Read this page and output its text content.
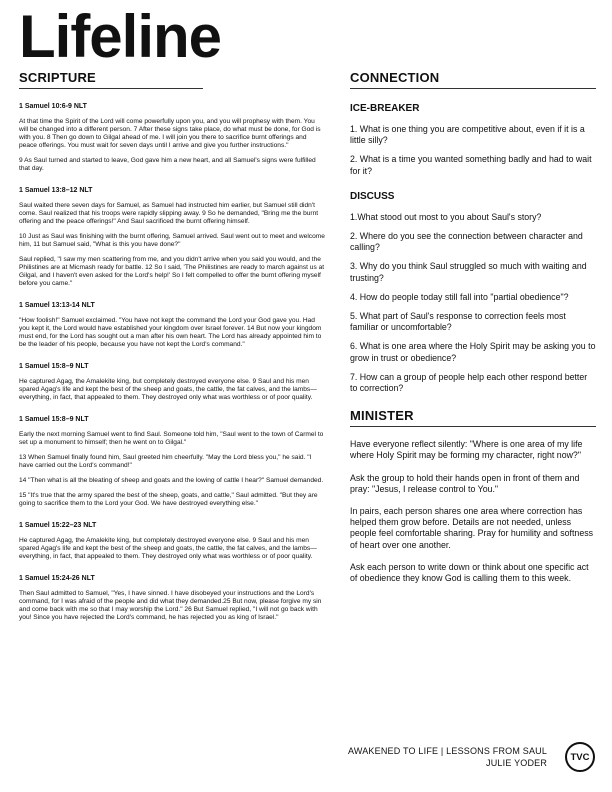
Lifeline
SCRIPTURE
1 Samuel 10:6-9 NLT

At that time the Spirit of the Lord will come powerfully upon you, and you will prophesy with them. You will be changed into a different person. 7 After these signs take place, do what must be done, for God is with you. 8 Then go down to Gilgal ahead of me. I will join you there to sacrifice burnt offerings and peace offerings. You must wait for seven days until I arrive and give you further instructions."

9 As Saul turned and started to leave, God gave him a new heart, and all Samuel's signs were fulfilled that day.

1 Samuel 13:8–12 NLT

Saul waited there seven days for Samuel, as Samuel had instructed him earlier, but Samuel still didn't come. Saul realized that his troops were rapidly slipping away. 9 So he demanded, "Bring me the burnt offering and the peace offerings!" And Saul sacrificed the burnt offering himself.

10 Just as Saul was finishing with the burnt offering, Samuel arrived. Saul went out to meet and welcome him, 11 but Samuel said, "What is this you have done?"

Saul replied, "I saw my men scattering from me, and you didn't arrive when you said you would, and the Philistines are at Micmash ready for battle. 12 So I said, 'The Philistines are ready to march against us at Gilgal, and I haven't even asked for the Lord's help!' So I felt compelled to offer the burnt offering myself before you came."

1 Samuel 13:13-14 NLT

"How foolish!" Samuel exclaimed. "You have not kept the command the Lord your God gave you. Had you kept it, the Lord would have established your kingdom over Israel forever. 14 But now your kingdom must end, for the Lord has sought out a man after his own heart. The Lord has already appointed him to be the leader of his people, because you have not kept the Lord's command."

1 Samuel 15:8–9 NLT

He captured Agag, the Amalekite king, but completely destroyed everyone else. 9 Saul and his men spared Agag's life and kept the best of the sheep and goats, the cattle, the fat calves, and the lambs—everything, in fact, that appealed to them. They destroyed only what was worthless or of poor quality.

1 Samuel 15:8–9 NLT

Early the next morning Samuel went to find Saul. Someone told him, "Saul went to the town of Carmel to set up a monument to himself; then he went on to Gilgal."

13 When Samuel finally found him, Saul greeted him cheerfully. "May the Lord bless you," he said. "I have carried out the Lord's command!"

14 "Then what is all the bleating of sheep and goats and the lowing of cattle I hear?" Samuel demanded.

15 "It's true that the army spared the best of the sheep, goats, and cattle," Saul admitted. "But they are going to sacrifice them to the Lord your God. We have destroyed everything else."

1 Samuel 15:22–23 NLT

He captured Agag, the Amalekite king, but completely destroyed everyone else. 9 Saul and his men spared Agag's life and kept the best of the sheep and goats, the cattle, the fat calves, and the lambs—everything, in fact, that appealed to them. They destroyed only what was worthless or of poor quality.

1 Samuel 15:24-26 NLT

Then Saul admitted to Samuel, "Yes, I have sinned. I have disobeyed your instructions and the Lord's command, for I was afraid of the people and did what they demanded.25 But now, please forgive my sin and come back with me so that I may worship the Lord." 26 But Samuel replied, "I will not go back with you! Since you have rejected the Lord's command, he has rejected you as king of Israel."

CONNECTION
ICE-BREAKER

1. What is one thing you are competitive about, even if it is a little silly?

2. What is a time you wanted something badly and had to wait for it?

DISCUSS

1.What stood out most to you about Saul's story?

2. Where do you see the connection between character and calling?

3. Why do you think Saul struggled so much with waiting and trusting?

4. How do people today still fall into "partial obedience"?

5. What part of Saul's response to correction feels most familiar or uncomfortable?

6. What is one area where the Holy Spirit may be asking you to grow in trust or obedience?

7. How can a group of people help each other respond better to correction?

MINISTER

Have everyone reflect silently: "Where is one area of my life where Holy Spirit may be forming my character, right now?"

Ask the group to hold their hands open in front of them and pray: "Jesus, I release control to You."

In pairs, each person shares one area where correction has helped them grow before. Details are not needed, unless people feel comfortable sharing. Pray for humility and softness of heart over one another.

Ask each person to write down or think about one specific act of obedience they know God is calling them to this week.

AWAKENED TO LIFE | LESSONS FROM SAUL
JULIE YODER
TVC
